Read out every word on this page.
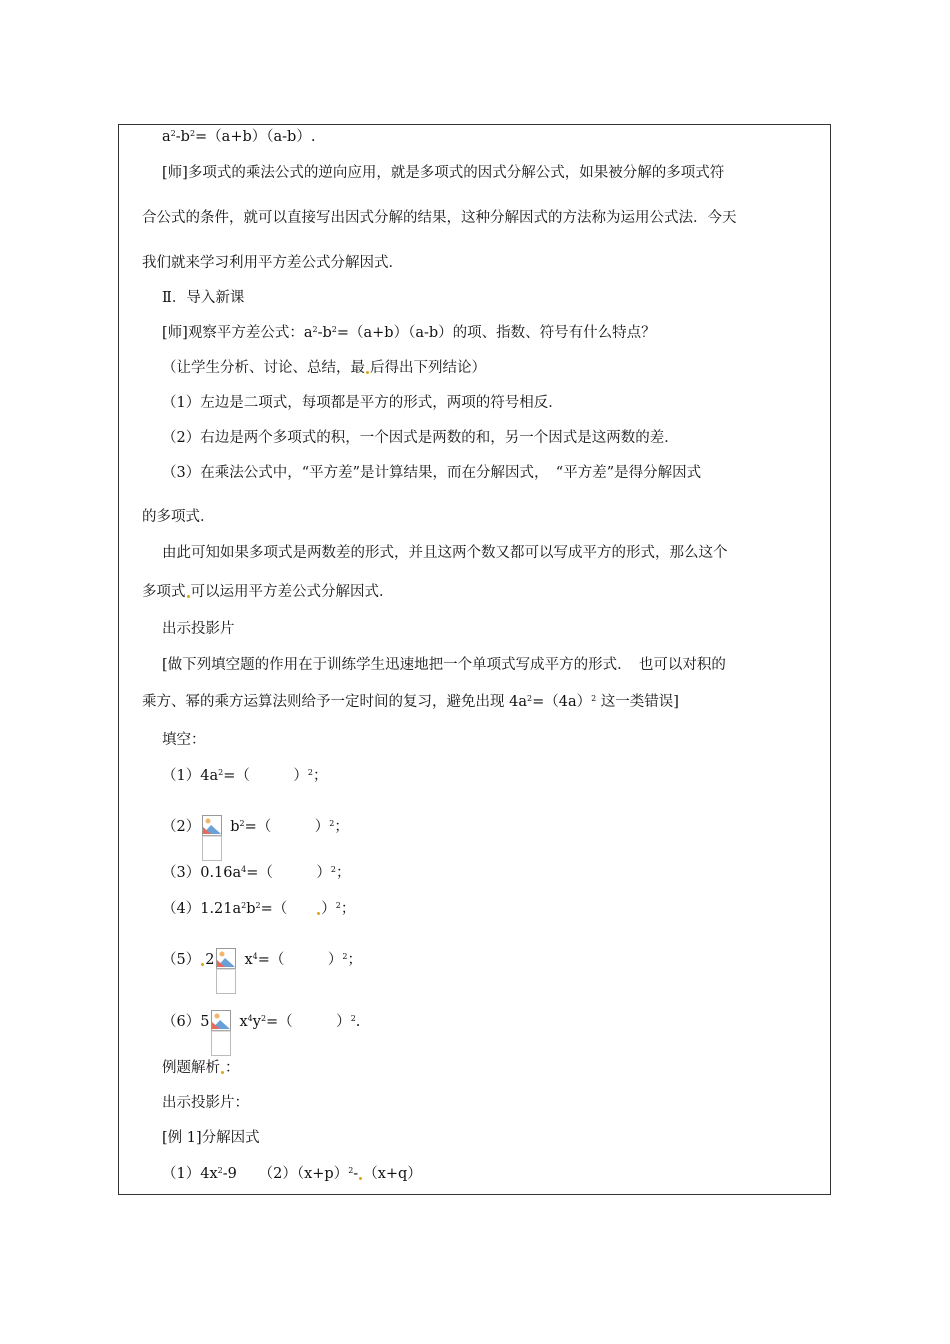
$a^2-b^2=(a+b)(a-b)$.
[师]多项式的乘法公式的逆向应用，就是多项式的因式分解公式，如果被分解的多项式符
合公式的条件，就可以直接写出因式分解的结果，这种分解因式的方法称为运用公式法．今天
我们就来学习利用平方差公式分解因式．
Ⅱ．导入新课
[师]观察平方差公式：$a^2-b^2=(a+b)(a-b)$的项、指数、符号有什么特点？
（让学生分析、讨论、总结，最 后得出下列结论）
（1）左边是二项式，每项都是平方的形式，两项的符号相反．
（2）右边是两个多项式的积，一个因式是两数的和，另一个因式是这两数的差．
（3）在乘法公式中，“平方差”是计算结果，而在分解因式，　“平方差”是得分解因式
的多项式．
由此可知如果多项式是两数差的形式，并且这两个数又都可以写成平方的形式，那么这个
多项式 可以运用平方差公式分解因式．
出示投影片
[做下列填空题的作用在于训练学生迅速地把一个单项式写成平方的形式．　也可以对积的
乘方、幂的乘方运算法则给予一定时间的复习，避免出现 $4a^2=(4a)^2$ 这一类错误]
填空：
$(1)4a^2=$（　　　）$^2$；
（2） $b^2=$（　　　）$^2$；
$(3)0.16a^4=$（　　　）$^2$；
$(4)1.21a^2b^2=$（　　）$^2$；
（5） 2 $x^4=$（　　　）$^2$；
（6）5 $x^4y^2=$（　　　）$^2$.
例题解析 ：
出示投影片：
[例 1]分解因式
$(1)4x^2-9$　　$(2)(x+p)^2-$ （x+q）
